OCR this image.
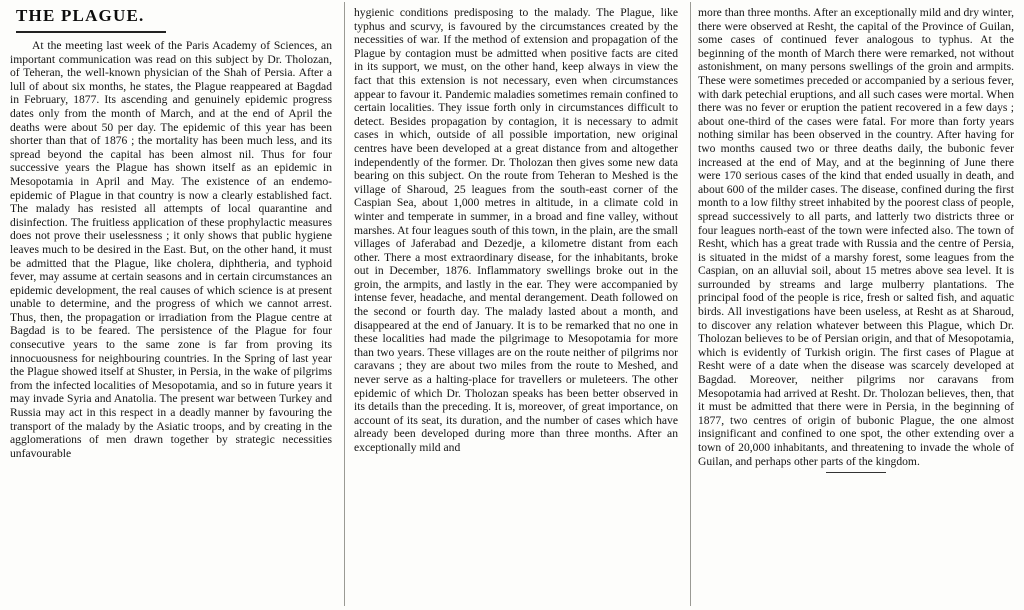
THE PLAGUE.

At the meeting last week of the Paris Academy of Sciences, an important communication was read on this subject by Dr. Tholozan, of Teheran, the well-known physician of the Shah of Persia. After a lull of about six months, he states, the Plague reappeared at Bagdad in February, 1877. Its ascending and genuinely epidemic progress dates only from the month of March, and at the end of April the deaths were about 50 per day. The epidemic of this year has been shorter than that of 1876 ; the mortality has been much less, and its spread beyond the capital has been almost nil. Thus for four successive years the Plague has shown itself as an epidemic in Mesopotamia in April and May. The existence of an endemo-epidemic of Plague in that country is now a clearly established fact. The malady has resisted all attempts of local quarantine and disinfection. The fruitless application of these prophylactic measures does not prove their uselessness ; it only shows that public hygiene leaves much to be desired in the East. But, on the other hand, it must be admitted that the Plague, like cholera, diphtheria, and typhoid fever, may assume at certain seasons and in certain circumstances an epidemic development, the real causes of which science is at present unable to determine, and the progress of which we cannot arrest. Thus, then, the propagation or irradiation from the Plague centre at Bagdad is to be feared. The persistence of the Plague for four consecutive years to the same zone is far from proving its innocuousness for neighbouring countries. In the Spring of last year the Plague showed itself at Shuster, in Persia, in the wake of pilgrims from the infected localities of Mesopotamia, and so in future years it may invade Syria and Anatolia. The present war between Turkey and Russia may act in this respect in a deadly manner by favouring the transport of the malady by the Asiatic troops, and by creating in the agglomerations of men drawn together by strategic necessities unfavourable

hygienic conditions predisposing to the malady. The Plague, like typhus and scurvy, is favoured by the circumstances created by the necessities of war. If the method of extension and propagation of the Plague by contagion must be admitted when positive facts are cited in its support, we must, on the other hand, keep always in view the fact that this extension is not necessary, even when circumstances appear to favour it. Pandemic maladies sometimes remain confined to certain localities. They issue forth only in circumstances difficult to detect. Besides propagation by contagion, it is necessary to admit cases in which, outside of all possible importation, new original centres have been developed at a great distance from and altogether independently of the former. Dr. Tholozan then gives some new data bearing on this subject. On the route from Teheran to Meshed is the village of Sharoud, 25 leagues from the south-east corner of the Caspian Sea, about 1,000 metres in altitude, in a climate cold in winter and temperate in summer, in a broad and fine valley, without marshes. At four leagues south of this town, in the plain, are the small villages of Jaferabad and Dezedje, a kilometre distant from each other. There a most extraordinary disease, for the inhabitants, broke out in December, 1876. Inflammatory swellings broke out in the groin, the armpits, and lastly in the ear. They were accompanied by intense fever, headache, and mental derangement. Death followed on the second or fourth day. The malady lasted about a month, and disappeared at the end of January. It is to be remarked that no one in these localities had made the pilgrimage to Mesopotamia for more than two years. These villages are on the route neither of pilgrims nor caravans ; they are about two miles from the route to Meshed, and never serve as a halting-place for travellers or muleteers. The other epidemic of which Dr. Tholozan speaks has been better observed in its details than the preceding. It is, moreover, of great importance, on account of its seat, its duration, and the number of cases which have already been developed during more than three months. After an exceptionally mild and

more than three months. After an exceptionally mild and dry winter, there were observed at Resht, the capital of the Province of Guilan, some cases of continued fever analogous to typhus. At the beginning of the month of March there were remarked, not without astonishment, on many persons swellings of the groin and armpits. These were sometimes preceded or accompanied by a serious fever, with dark petechial eruptions, and all such cases were mortal. When there was no fever or eruption the patient recovered in a few days ; about one-third of the cases were fatal. For more than forty years nothing similar has been observed in the country. After having for two months caused two or three deaths daily, the bubonic fever increased at the end of May, and at the beginning of June there were 170 serious cases of the kind that ended usually in death, and about 600 of the milder cases. The disease, confined during the first month to a low filthy street inhabited by the poorest class of people, spread successively to all parts, and latterly two districts three or four leagues north-east of the town were infected also. The town of Resht, which has a great trade with Russia and the centre of Persia, is situated in the midst of a marshy forest, some leagues from the Caspian, on an alluvial soil, about 15 metres above sea level. It is surrounded by streams and large mulberry plantations. The principal food of the people is rice, fresh or salted fish, and aquatic birds. All investigations have been useless, at Resht as at Sharoud, to discover any relation whatever between this Plague, which Dr. Tholozan believes to be of Persian origin, and that of Mesopotamia, which is evidently of Turkish origin. The first cases of Plague at Resht were of a date when the disease was scarcely developed at Bagdad. Moreover, neither pilgrims nor caravans from Mesopotamia had arrived at Resht. Dr. Tholozan believes, then, that it must be admitted that there were in Persia, in the beginning of 1877, two centres of origin of bubonic Plague, the one almost insignificant and confined to one spot, the other extending over a town of 20,000 inhabitants, and threatening to invade the whole of Guilan, and perhaps other parts of the kingdom.
